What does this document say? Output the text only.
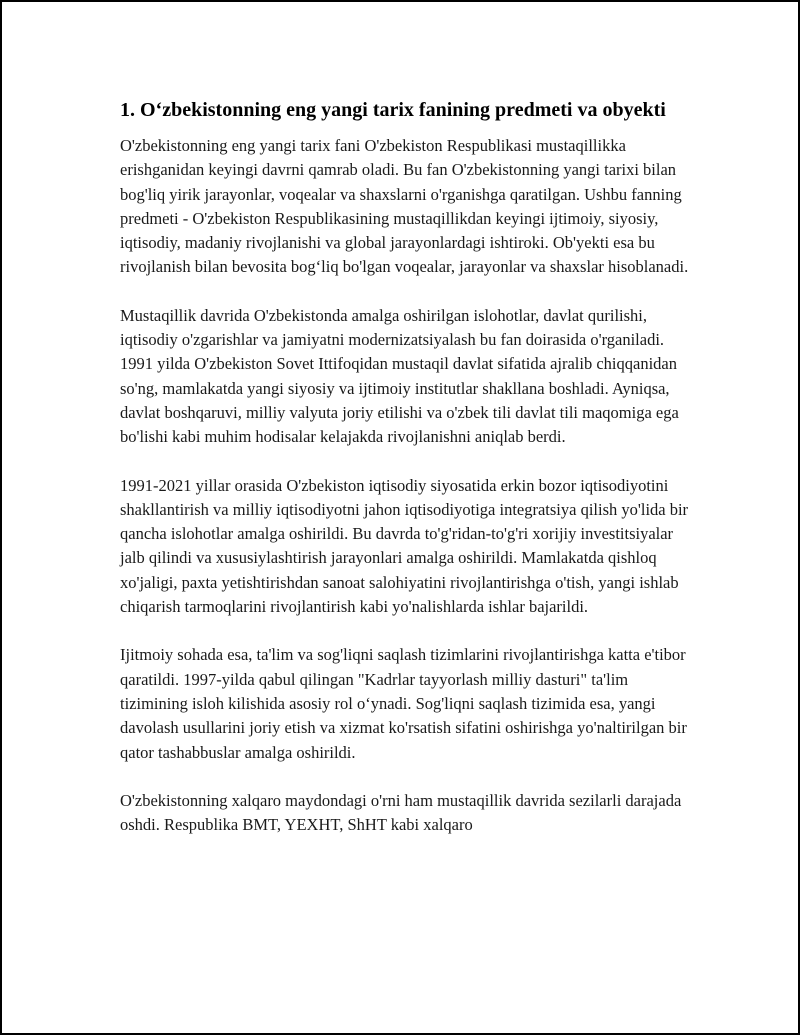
1. O‘zbekistonning eng yangi tarix fanining predmeti va obyekti

O'zbekistonning eng yangi tarix fani O'zbekiston Respublikasi mustaqillikka erishganidan keyingi davrni qamrab oladi. Bu fan O'zbekistonning yangi tarixi bilan bog'liq yirik jarayonlar, voqealar va shaxslarni o'rganishga qaratilgan. Ushbu fanning predmeti - O'zbekiston Respublikasining mustaqillikdan keyingi ijtimoiy, siyosiy, iqtisodiy, madaniy rivojlanishi va global jarayonlardagi ishtiroki. Ob'yekti esa bu rivojlanish bilan bevosita bog‘liq bo'lgan voqealar, jarayonlar va shaxslar hisoblanadi.

Mustaqillik davrida O'zbekistonda amalga oshirilgan islohotlar, davlat qurilishi, iqtisodiy o'zgarishlar va jamiyatni modernizatsiyalash bu fan doirasida o'rganiladi. 1991 yilda O'zbekiston Sovet Ittifoqidan mustaqil davlat sifatida ajralib chiqqanidan so'ng, mamlakatda yangi siyosiy va ijtimoiy institutlar shakllana boshladi. Ayniqsa, davlat boshqaruvi, milliy valyuta joriy etilishi va o'zbek tili davlat tili maqomiga ega bo'lishi kabi muhim hodisalar kelajakda rivojlanishni aniqlab berdi.

1991-2021 yillar orasida O'zbekiston iqtisodiy siyosatida erkin bozor iqtisodiyotini shakllantirish va milliy iqtisodiyotni jahon iqtisodiyotiga integratsiya qilish yo'lida bir qancha islohotlar amalga oshirildi. Bu davrda to'g'ridan-to'g'ri xorijiy investitsiyalar jalb qilindi va xususiylashtirish jarayonlari amalga oshirildi. Mamlakatda qishloq xo'jaligi, paxta yetishtirishdan sanoat salohiyatini rivojlantirishga o'tish, yangi ishlab chiqarish tarmoqlarini rivojlantirish kabi yo'nalishlarda ishlar bajarildi.

Ijitmoiy sohada esa, ta'lim va sog'liqni saqlash tizimlarini rivojlantirishga katta e'tibor qaratildi. 1997-yilda qabul qilingan "Kadrlar tayyorlash milliy dasturi" ta'lim tizimining isloh kilishida asosiy rol o‘ynadi. Sog'liqni saqlash tizimida esa, yangi davolash usullarini joriy etish va xizmat ko'rsatish sifatini oshirishga yo'naltirilgan bir qator tashabbuslar amalga oshirildi.

O'zbekistonning xalqaro maydondagi o'rni ham mustaqillik davrida sezilarli darajada oshdi. Respublika BMT, YEXHT, ShHT kabi xalqaro
